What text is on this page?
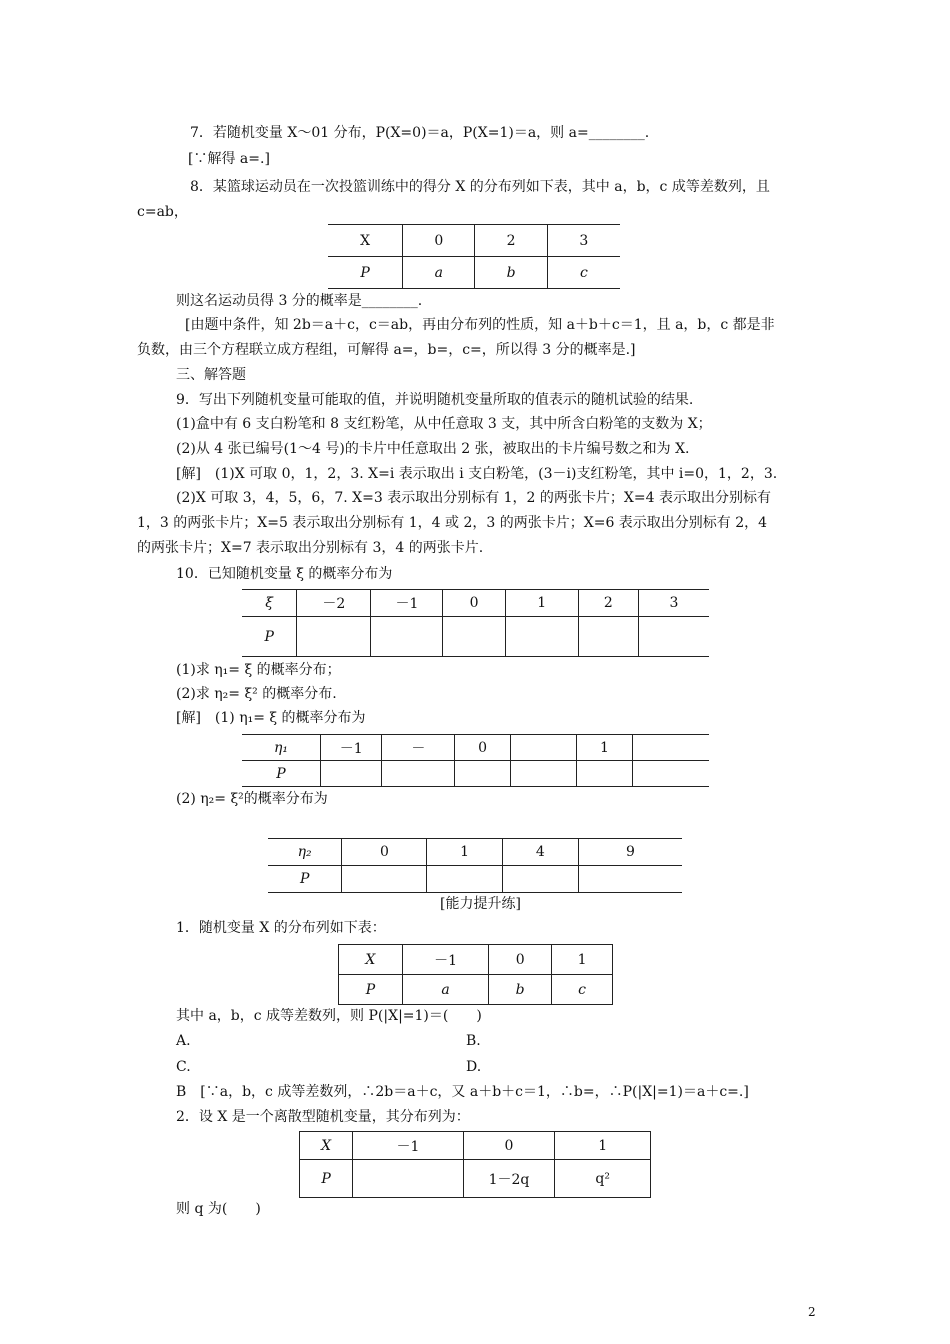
7．若随机变量 X～01 分布，P(X=0)＝a，P(X=1)＝a，则 a=________.
[∵解得 a=.]
8．某篮球运动员在一次投篮训练中的得分 X 的分布列如下表，其中 a，b，c 成等差数列，且
c=ab，
X	0	2	3
P	a	b	c
则这名运动员得 3 分的概率是________.
[由题中条件，知 2b＝a＋c，c＝ab，再由分布列的性质，知 a＋b＋c＝1，且 a，b，c 都是非
负数，由三个方程联立成方程组，可解得 a=，b=，c=，所以得 3 分的概率是.]
三、解答题
9．写出下列随机变量可能取的值，并说明随机变量所取的值表示的随机试验的结果.
(1)盒中有 6 支白粉笔和 8 支红粉笔，从中任意取 3 支，其中所含白粉笔的支数为 X；
(2)从 4 张已编号(1～4 号)的卡片中任意取出 2 张，被取出的卡片编号数之和为 X.
[解]　(1)X 可取 0，1，2，3. X=i 表示取出 i 支白粉笔，(3－i)支红粉笔，其中 i=0，1，2，3.
(2)X 可取 3，4，5，6，7. X=3 表示取出分别标有 1，2 的两张卡片；X=4 表示取出分别标有
1，3 的两张卡片；X=5 表示取出分别标有 1，4 或 2，3 的两张卡片；X=6 表示取出分别标有 2，4
的两张卡片；X=7 表示取出分别标有 3，4 的两张卡片.
10．已知随机变量 ξ 的概率分布为
ξ	－2	－1	0	1	2	3
P						
(1)求 η₁= ξ 的概率分布；
(2)求 η₂= ξ² 的概率分布.
[解]　(1) η₁= ξ 的概率分布为
η₁	－1	－	0		1	
P						
(2) η₂= ξ²的概率分布为
η₂	0	1	4	9
P				
[能力提升练]
1．随机变量 X 的分布列如下表：
X	－1	0	1
P	a	b	c
其中 a，b，c 成等差数列，则 P(|X|=1)＝(　　)
A.	B.
C.	D.
B　[∵a，b，c 成等差数列，∴2b＝a＋c，又 a＋b＋c＝1，∴b=，∴P(|X|=1)＝a＋c=.]
2．设 X 是一个离散型随机变量，其分布列为：
X	－1	0	1
P		1－2q	q²
则 q 为(　　)
2
